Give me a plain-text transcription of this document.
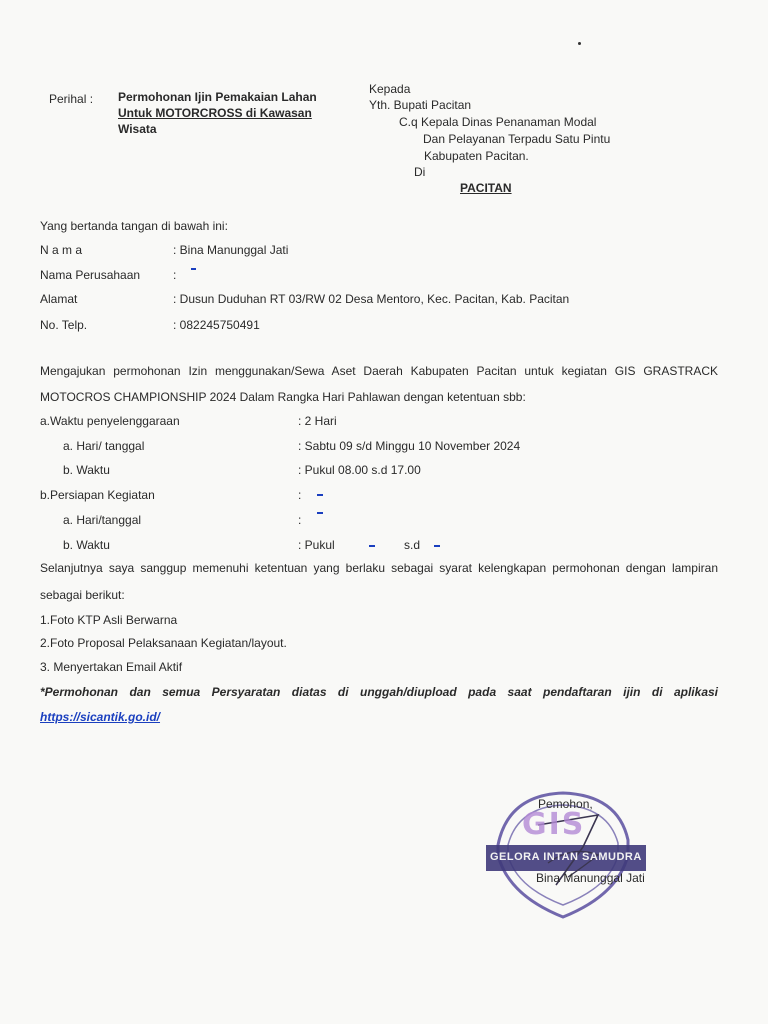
Perihal : Permohonan Ijin Pemakaian Lahan
Untuk MOTORCROSS di Kawasan
Wisata
Kepada
Yth. Bupati Pacitan
C.q Kepala Dinas Penanaman Modal
Dan Pelayanan Terpadu Satu Pintu
Kabupaten Pacitan.
Di
PACITAN
Yang bertanda tangan di bawah ini:
N a m a	: Bina Manunggal Jati
Nama Perusahaan	:
Alamat	: Dusun Duduhan RT 03/RW 02 Desa Mentoro, Kec. Pacitan, Kab. Pacitan
No. Telp.	: 082245750491
Mengajukan permohonan Izin menggunakan/Sewa Aset Daerah Kabupaten Pacitan untuk kegiatan GIS GRASTRACK
MOTOCROS CHAMPIONSHIP 2024 Dalam Rangka Hari Pahlawan dengan ketentuan sbb:
a.Waktu penyelenggaraan	: 2 Hari
a. Hari/ tanggal	: Sabtu 09 s/d Minggu 10 November 2024
b. Waktu	: Pukul 08.00 s.d 17.00
b.Persiapan Kegiatan	:
a. Hari/tanggal	:
b. Waktu	: Pukul	s.d
Selanjutnya saya sanggup memenuhi ketentuan yang berlaku sebagai syarat kelengkapan permohonan dengan lampiran
sebagai berikut:
1.Foto KTP Asli Berwarna
2.Foto Proposal Pelaksanaan Kegiatan/layout.
3. Menyertakan Email Aktif
*Permohonan dan semua Persyaratan diatas di unggah/diupload pada saat pendaftaran ijin di aplikasi
https://sicantik.go.id/
GIS
GELORA INTAN SAMUDRA
Pemohon,
Bina Manunggal Jati
